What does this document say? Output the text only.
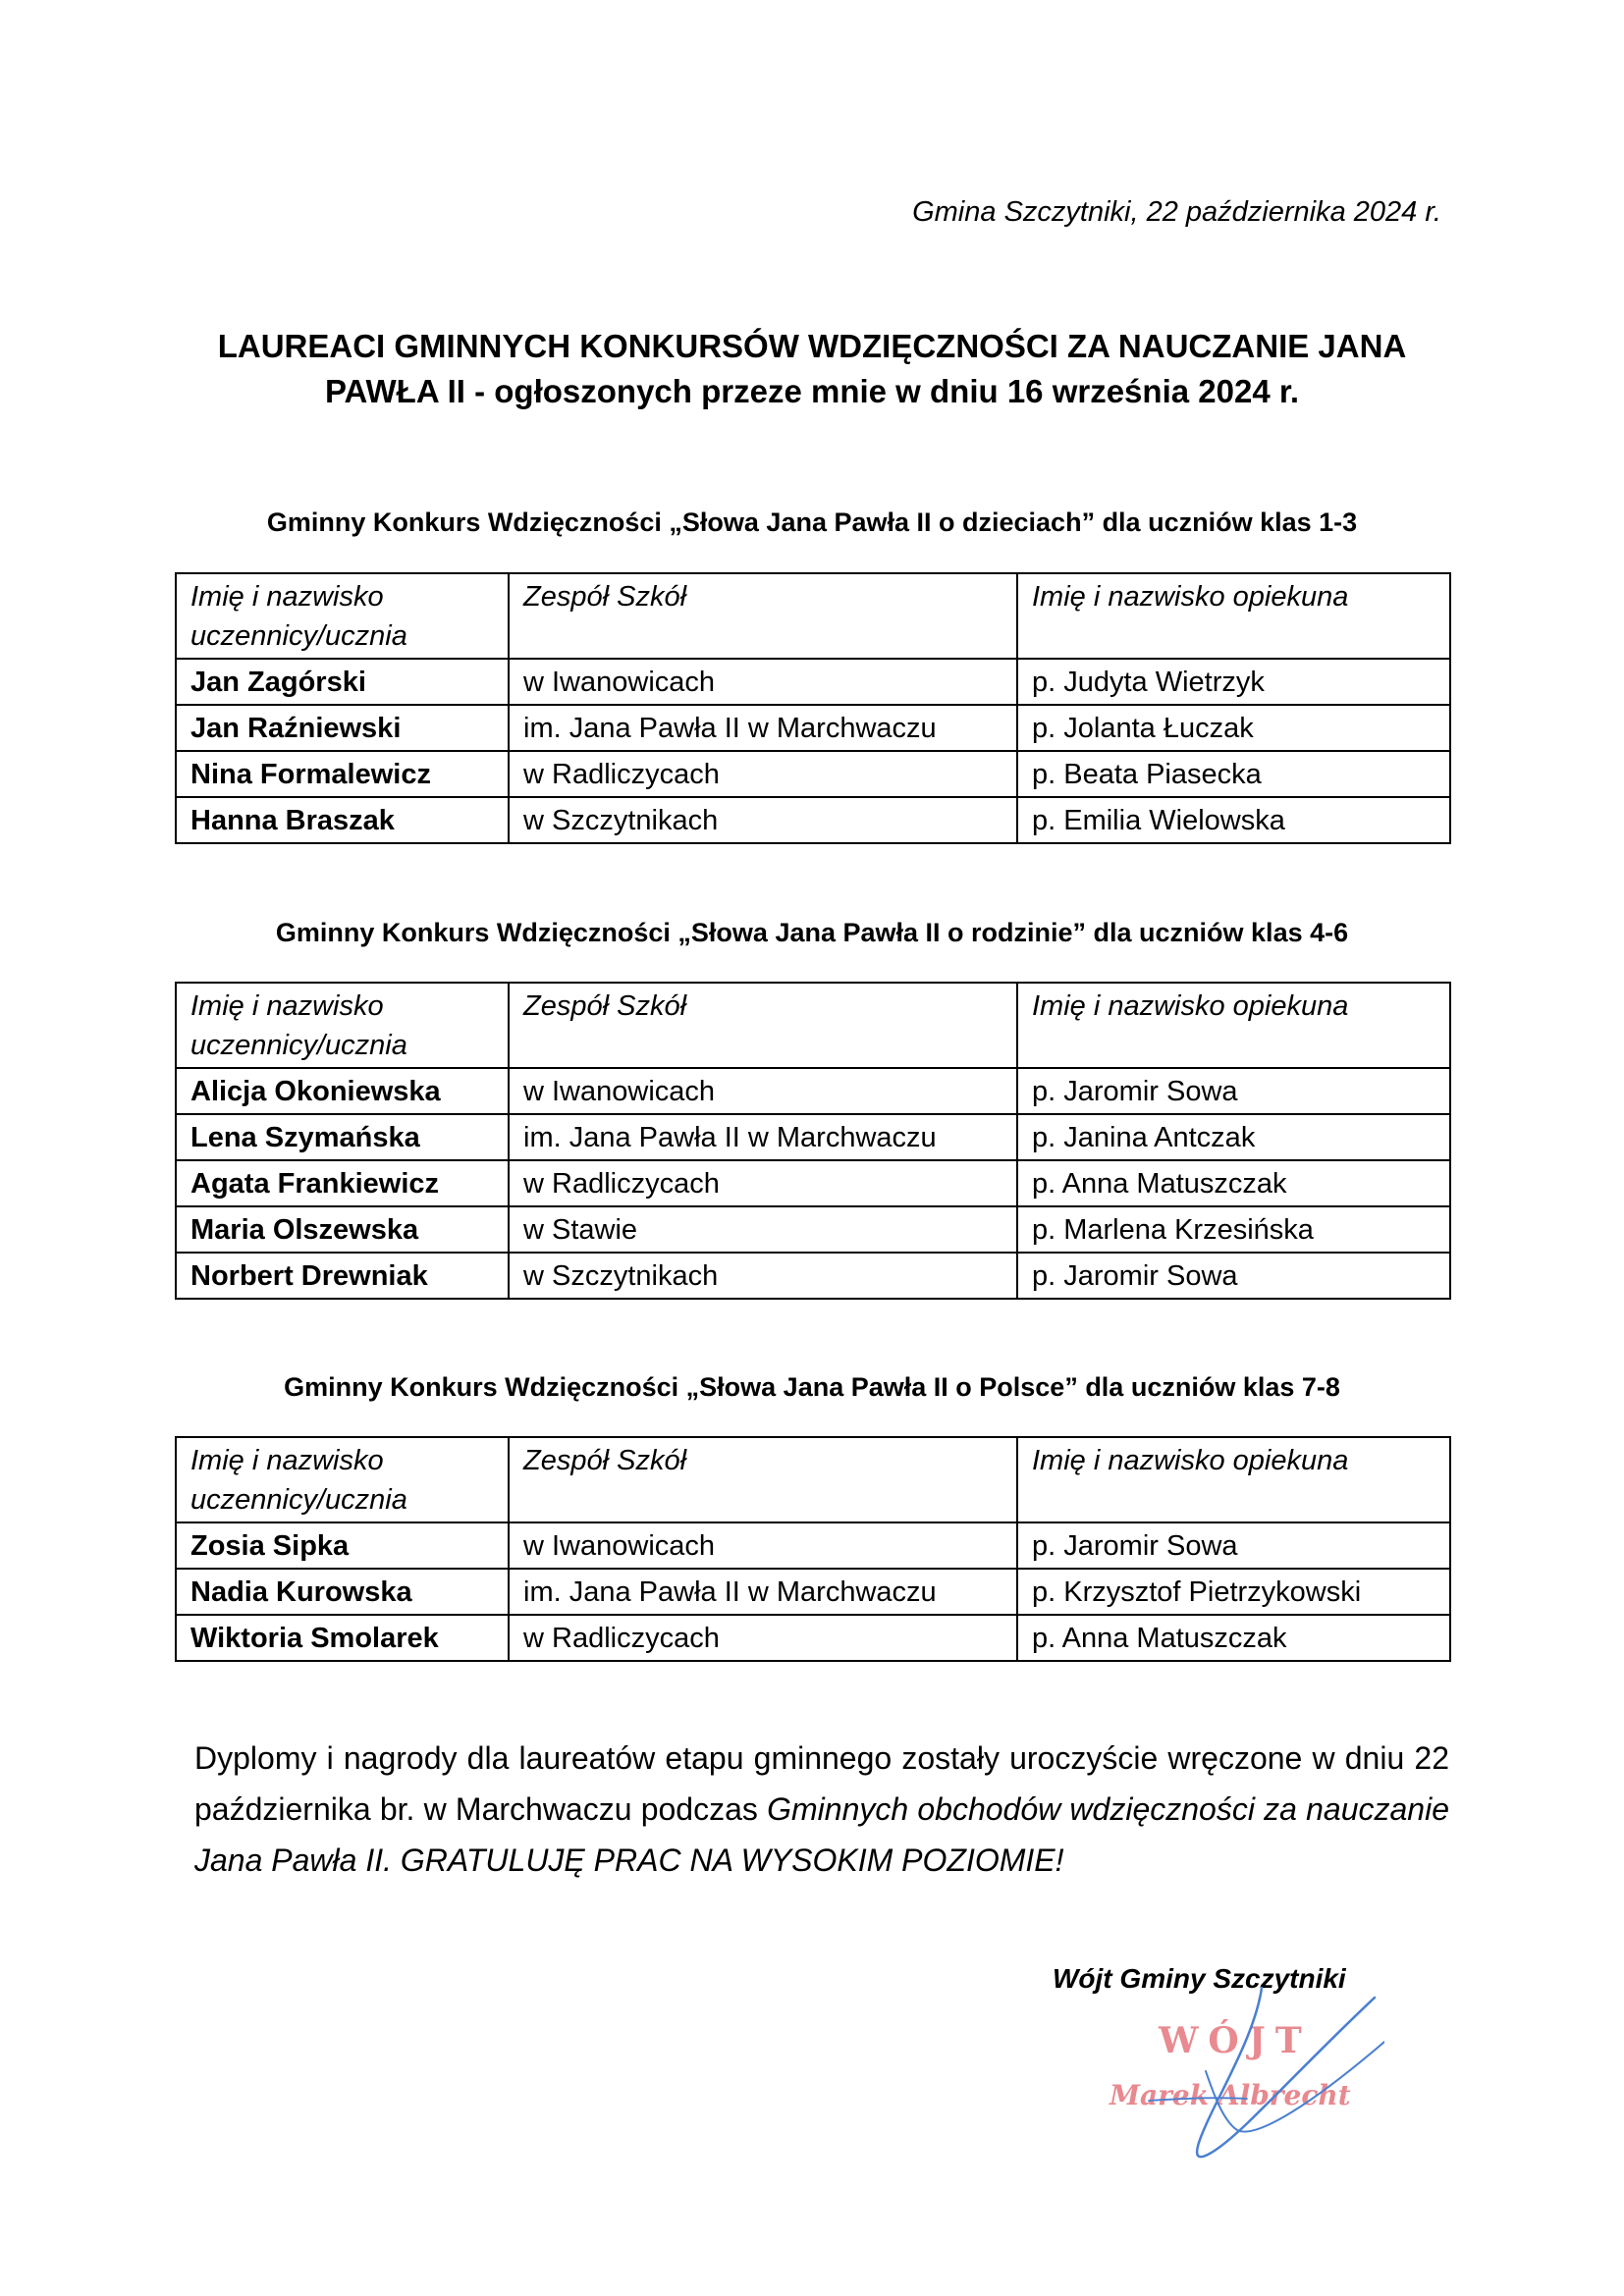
Gmina Szczytniki, 22 października 2024 r.
LAUREACI GMINNYCH KONKURSÓW WDZIĘCZNOŚCI ZA NAUCZANIE JANA
PAWŁA II - ogłoszonych przeze mnie w dniu 16 września 2024 r.
Gminny Konkurs Wdzięczności „Słowa Jana Pawła II o dzieciach” dla uczniów klas 1-3
Imię i nazwisko
uczennicy/ucznia	Zespół Szkół	Imię i nazwisko opiekuna
Jan Zagórski	w Iwanowicach	p. Judyta Wietrzyk
Jan Raźniewski	im. Jana Pawła II w Marchwaczu	p. Jolanta Łuczak
Nina Formalewicz	w Radliczycach	p. Beata Piasecka
Hanna Braszak	w Szczytnikach	p. Emilia Wielowska
Gminny Konkurs Wdzięczności „Słowa Jana Pawła II o rodzinie” dla uczniów klas 4-6
Imię i nazwisko
uczennicy/ucznia	Zespół Szkół	Imię i nazwisko opiekuna
Alicja Okoniewska	w Iwanowicach	p. Jaromir Sowa
Lena Szymańska	im. Jana Pawła II w Marchwaczu	p. Janina Antczak
Agata Frankiewicz	w Radliczycach	p. Anna Matuszczak
Maria Olszewska	w Stawie	p. Marlena Krzesińska
Norbert Drewniak	w Szczytnikach	p. Jaromir Sowa
Gminny Konkurs Wdzięczności „Słowa Jana Pawła II o Polsce” dla uczniów klas 7-8
Imię i nazwisko
uczennicy/ucznia	Zespół Szkół	Imię i nazwisko opiekuna
Zosia Sipka	w Iwanowicach	p. Jaromir Sowa
Nadia Kurowska	im. Jana Pawła II w Marchwaczu	p. Krzysztof Pietrzykowski
Wiktoria Smolarek	w Radliczycach	p. Anna Matuszczak
Dyplomy i nagrody dla laureatów etapu gminnego zostały uroczyście wręczone w dniu 22 października br. w Marchwaczu podczas Gminnych obchodów wdzięczności za nauczanie Jana Pawła II. GRATULUJĘ PRAC NA WYSOKIM POZIOMIE!
Wójt Gminy Szczytniki
WÓJT
Marek Albrecht
